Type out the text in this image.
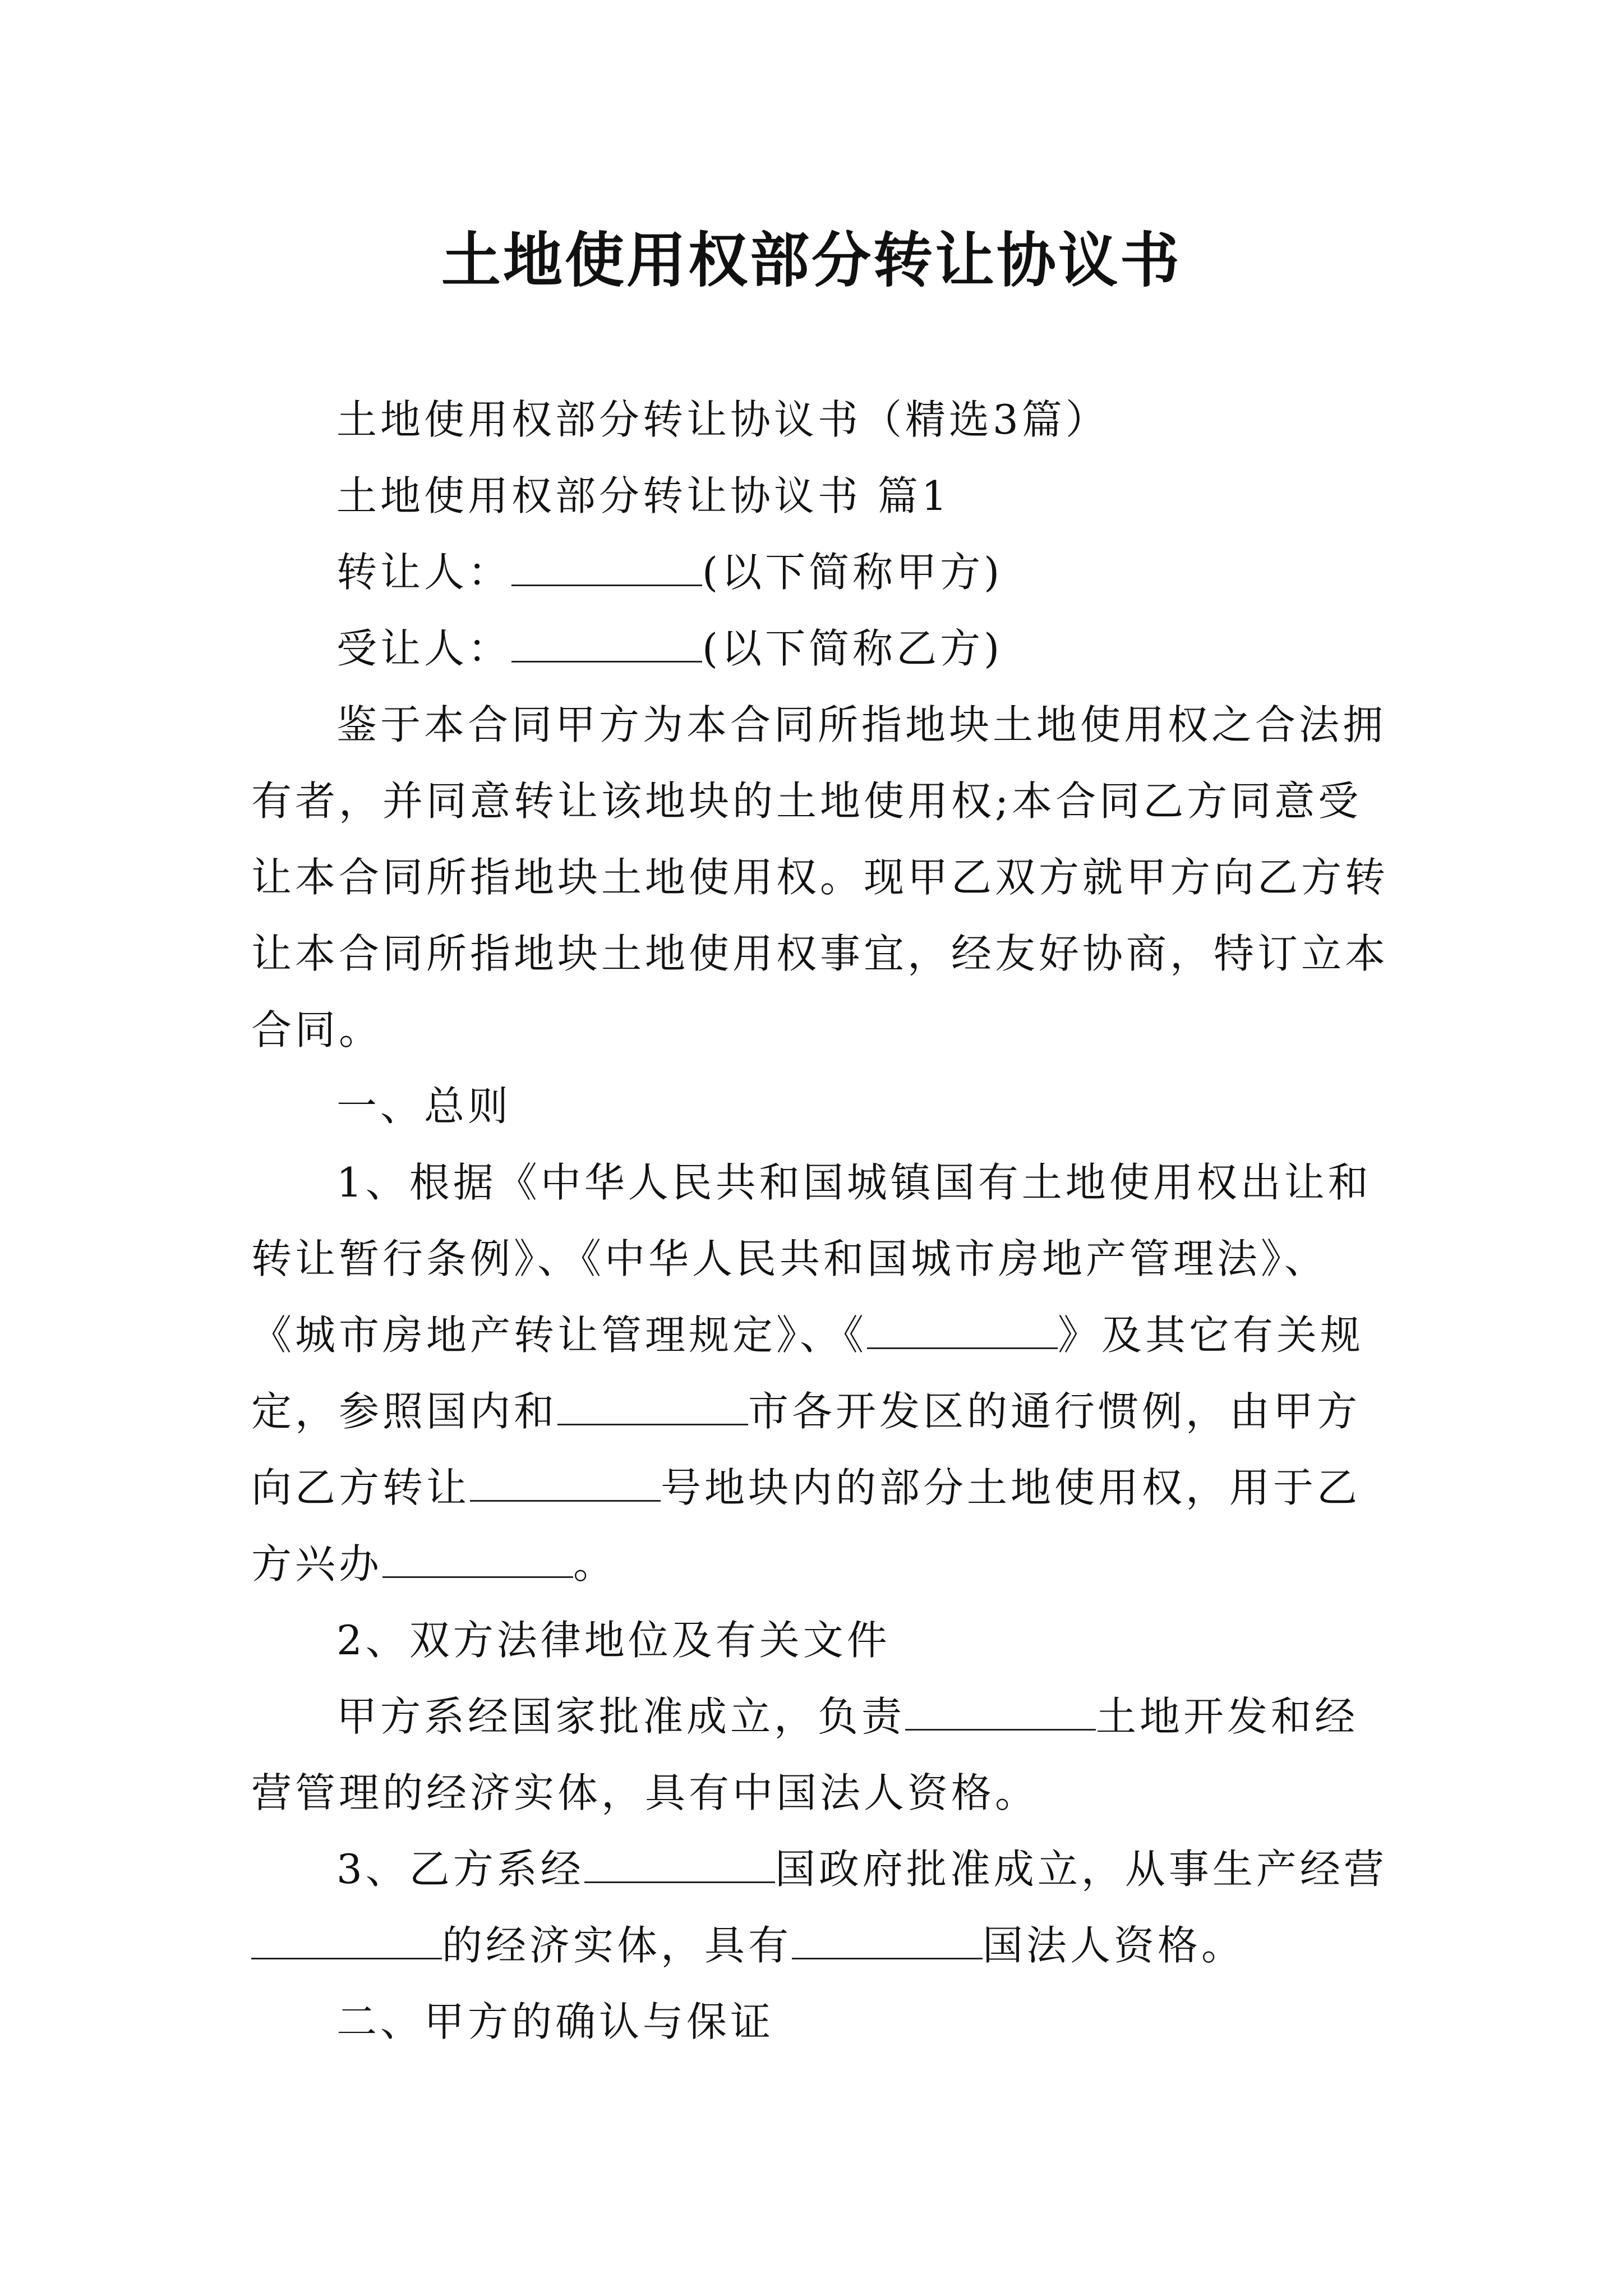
土地使用权部分转让协议书

土地使用权部分转让协议书（精选3篇）

土地使用权部分转让协议书 篇1

转让人：	(以下简称甲方)

受让人：	(以下简称乙方)

鉴于本合同甲方为本合同所指地块土地使用权之合法拥有者，并同意转让该地块的土地使用权;本合同乙方同意受让本合同所指地块土地使用权。现甲乙双方就甲方向乙方转让本合同所指地块土地使用权事宜，经友好协商，特订立本合同。

一、总则

1、根据《中华人民共和国城镇国有土地使用权出让和转让暂行条例》、《中华人民共和国城市房地产管理法》、《城市房地产转让管理规定》、《	》及其它有关规定，参照国内和	市各开发区的通行惯例，由甲方向乙方转让	号地块内的部分土地使用权，用于乙方兴办	。

2、双方法律地位及有关文件

甲方系经国家批准成立，负责	土地开发和经营管理的经济实体，具有中国法人资格。

3、乙方系经	国政府批准成立，从事生产经营的经济实体，具有	国法人资格。

二、甲方的确认与保证
